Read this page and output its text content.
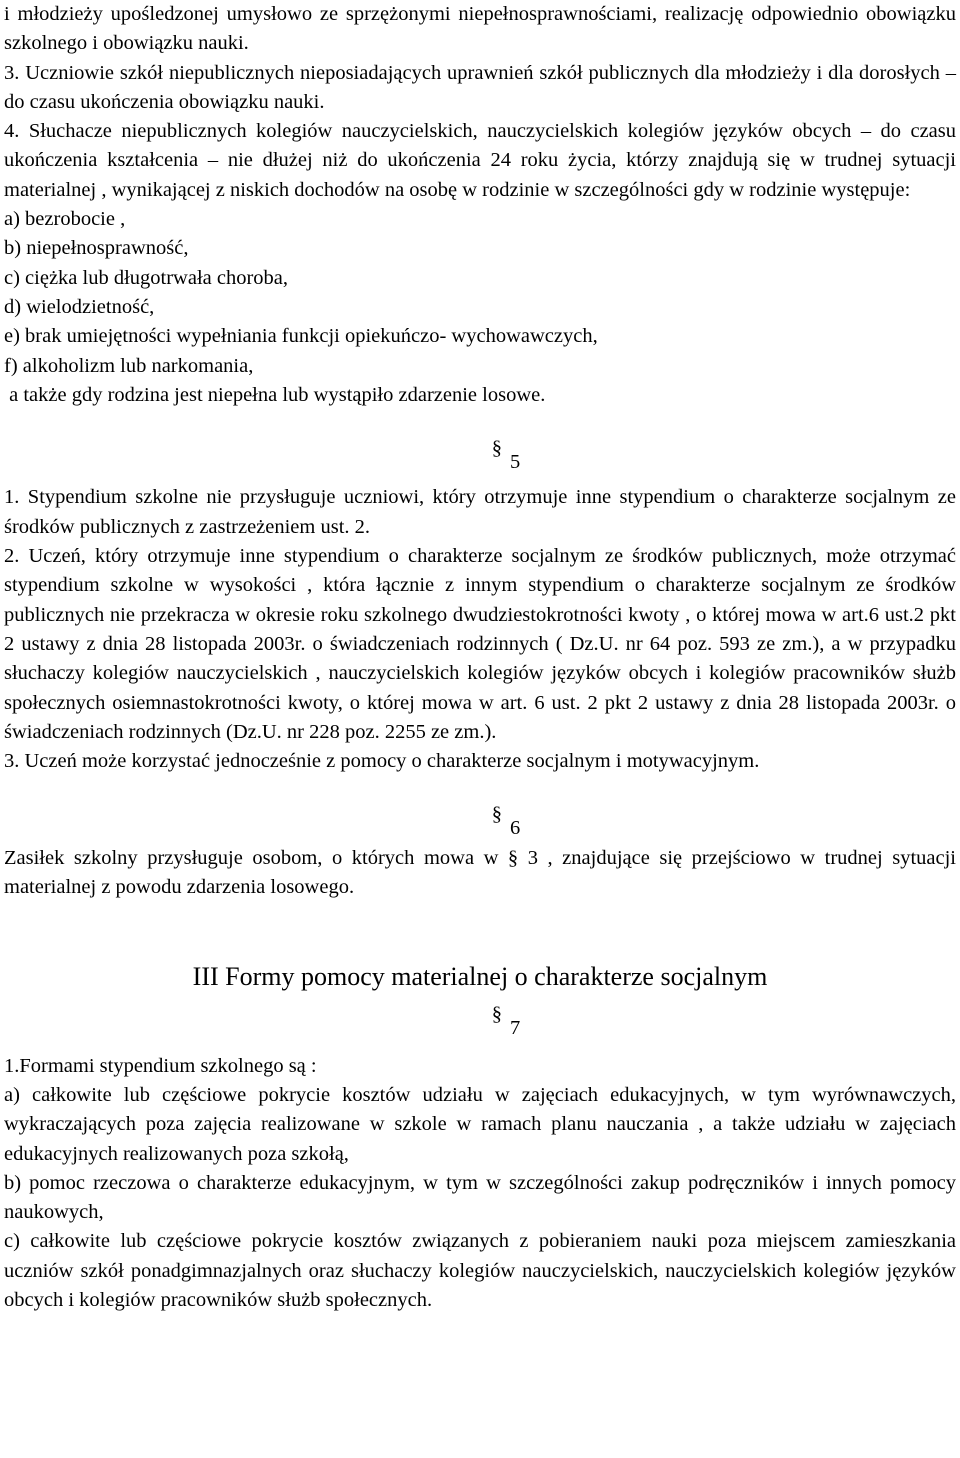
i młodzieży upośledzonej umysłowo ze sprzężonymi niepełnosprawnościami, realizację odpowiednio obowiązku szkolnego i obowiązku nauki.

3. Uczniowie szkół niepublicznych nieposiadających uprawnień szkół publicznych dla młodzieży i dla dorosłych – do czasu ukończenia obowiązku nauki.

4. Słuchacze niepublicznych kolegiów nauczycielskich, nauczycielskich kolegiów języków obcych – do czasu ukończenia kształcenia – nie dłużej niż do ukończenia 24 roku życia, którzy znajdują się w trudnej sytuacji materialnej , wynikającej z niskich dochodów na osobę w rodzinie w szczególności gdy w rodzinie występuje:

a) bezrobocie ,

b) niepełnosprawność,

c) ciężka lub długotrwała choroba,

d) wielodzietność,

e) brak umiejętności wypełniania funkcji opiekuńczo- wychowawczych,

f) alkoholizm lub narkomania,

a także gdy rodzina jest niepełna lub wystąpiło zdarzenie losowe.

§5

1. Stypendium szkolne nie przysługuje uczniowi, który otrzymuje inne stypendium o charakterze socjalnym ze środków publicznych z zastrzeżeniem ust. 2.

2. Uczeń, który otrzymuje inne stypendium o charakterze socjalnym ze środków publicznych, może otrzymać stypendium szkolne w wysokości , która łącznie z innym stypendium o charakterze socjalnym ze środków publicznych nie przekracza w okresie roku szkolnego dwudziestokrotności kwoty , o której mowa w art.6 ust.2 pkt 2 ustawy z dnia 28 listopada 2003r. o świadczeniach rodzinnych ( Dz.U. nr 64 poz. 593 ze zm.), a w przypadku słuchaczy kolegiów nauczycielskich , nauczycielskich kolegiów języków obcych i kolegiów pracowników służb społecznych osiemnastokrotności kwoty, o której mowa w art. 6 ust. 2 pkt 2 ustawy z dnia 28 listopada 2003r. o świadczeniach rodzinnych (Dz.U. nr 228 poz. 2255 ze zm.).

3. Uczeń może korzystać jednocześnie z pomocy o charakterze socjalnym i motywacyjnym.

§6

Zasiłek szkolny przysługuje osobom, o których mowa w § 3 , znajdujące się przejściowo w trudnej sytuacji materialnej z powodu zdarzenia losowego.

III Formy pomocy materialnej o charakterze socjalnym

§7

1.Formami stypendium szkolnego są :

a) całkowite lub częściowe pokrycie kosztów udziału w zajęciach edukacyjnych, w tym wyrównawczych, wykraczających poza zajęcia realizowane w szkole w ramach planu nauczania , a także udziału w zajęciach edukacyjnych realizowanych poza szkołą,

b) pomoc rzeczowa o charakterze edukacyjnym, w tym w szczególności zakup podręczników i innych pomocy naukowych,

c) całkowite lub częściowe pokrycie kosztów związanych z pobieraniem nauki poza miejscem zamieszkania uczniów szkół ponadgimnazjalnych oraz słuchaczy kolegiów nauczycielskich, nauczycielskich kolegiów języków obcych i kolegiów pracowników służb społecznych.
